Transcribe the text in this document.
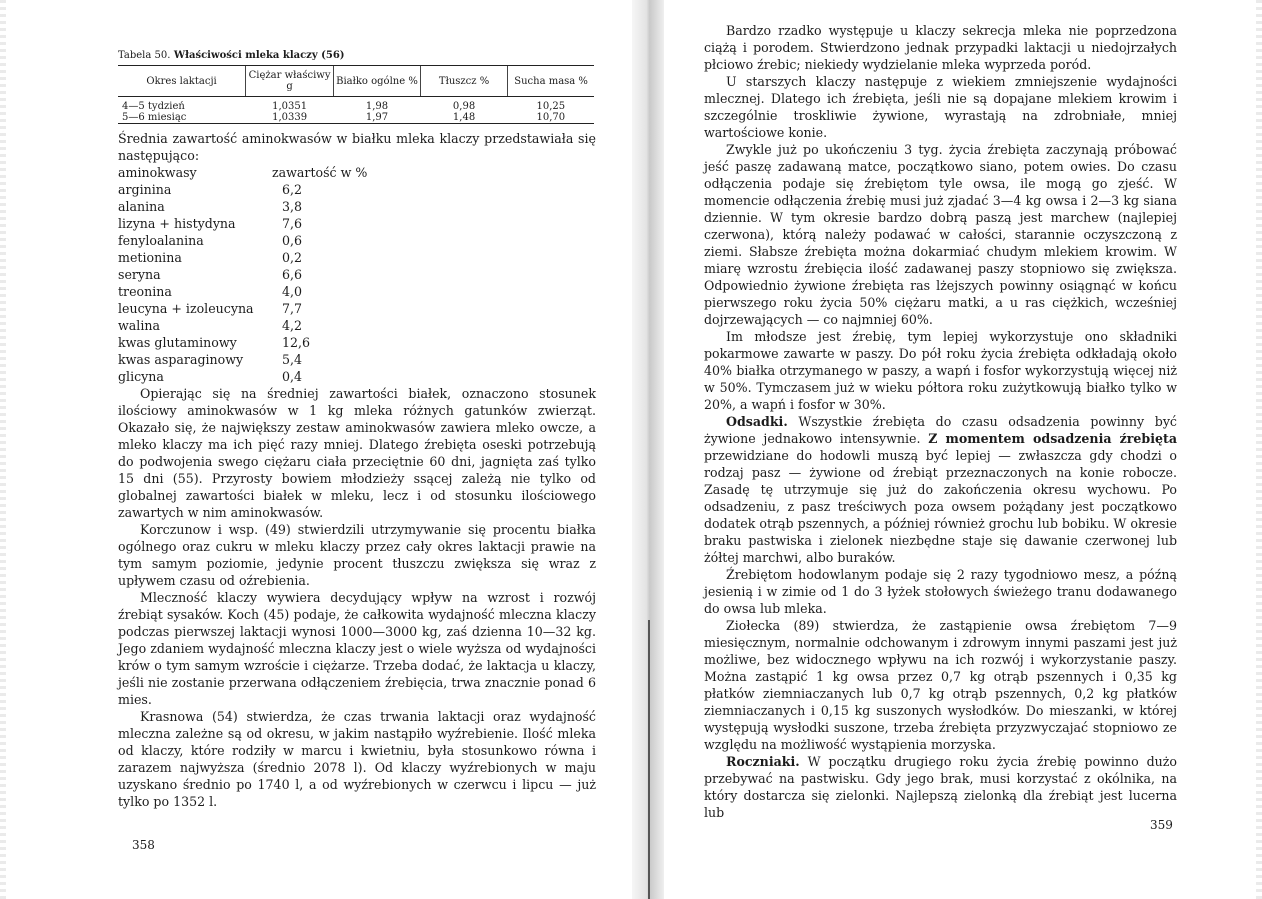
Tabela 50. Właściwości mleka klaczy (56)
Okres laktacji	Ciężar właściwy g	Białko ogólne %	Tłuszcz %	Sucha masa %
4—5 tydzień	1,0351	1,98	0,98	10,25
5—6 miesiąc	1,0339	1,97	1,48	10,70

Średnia zawartość aminokwasów w białku mleka klaczy przedstawiała się następująco:

aminokwasy	zawartość w %
arginina	6,2
alanina	3,8
lizyna + histydyna	7,6
fenyloalanina	0,6
metionina	0,2
seryna	6,6
treonina	4,0
leucyna + izoleucyna	7,7
walina	4,2
kwas glutaminowy	12,6
kwas asparaginowy	5,4
glicyna	0,4

Opierając się na średniej zawartości białek, oznaczono stosunek ilościowy aminokwasów w 1 kg mleka różnych gatunków zwierząt. Okazało się, że największy zestaw aminokwasów zawiera mleko owcze, a mleko klaczy ma ich pięć razy mniej. Dlatego źrebięta oseski potrzebują do podwojenia swego ciężaru ciała przeciętnie 60 dni, jagnięta zaś tylko 15 dni (55). Przyrosty bowiem młodzieży ssącej zależą nie tylko od globalnej zawartości białek w mleku, lecz i od stosunku ilościowego zawartych w nim aminokwasów.

Korczunow i wsp. (49) stwierdzili utrzymywanie się procentu białka ogólnego oraz cukru w mleku klaczy przez cały okres laktacji prawie na tym samym poziomie, jedynie procent tłuszczu zwiększa się wraz z upływem czasu od oźrebienia.

Mleczność klaczy wywiera decydujący wpływ na wzrost i rozwój źrebiąt sysaków. Koch (45) podaje, że całkowita wydajność mleczna klaczy podczas pierwszej laktacji wynosi 1000—3000 kg, zaś dzienna 10—32 kg. Jego zdaniem wydajność mleczna klaczy jest o wiele wyższa od wydajności krów o tym samym wzroście i ciężarze. Trzeba dodać, że laktacja u klaczy, jeśli nie zostanie przerwana odłączeniem źrebięcia, trwa znacznie ponad 6 mies.

Krasnowa (54) stwierdza, że czas trwania laktacji oraz wydajność mleczna zależne są od okresu, w jakim nastąpiło wyźrebienie. Ilość mleka od klaczy, które rodziły w marcu i kwietniu, była stosunkowo równa i zarazem najwyższa (średnio 2078 l). Od klaczy wyźrebionych w maju uzyskano średnio po 1740 l, a od wyźrebionych w czerwcu i lipcu — już tylko po 1352 l.

358

Bardzo rzadko występuje u klaczy sekrecja mleka nie poprzedzona ciążą i porodem. Stwierdzono jednak przypadki laktacji u niedojrzałych płciowo źrebic; niekiedy wydzielanie mleka wyprzeda poród.

U starszych klaczy następuje z wiekiem zmniejszenie wydajności mlecznej. Dlatego ich źrebięta, jeśli nie są dopajane mlekiem krowim i szczególnie troskliwie żywione, wyrastają na zdrobniałe, mniej wartościowe konie.

Zwykle już po ukończeniu 3 tyg. życia źrebięta zaczynają próbować jeść paszę zadawaną matce, początkowo siano, potem owies. Do czasu odłączenia podaje się źrebiętom tyle owsa, ile mogą go zjeść. W momencie odłączenia źrebię musi już zjadać 3—4 kg owsa i 2—3 kg siana dziennie. W tym okresie bardzo dobrą paszą jest marchew (najlepiej czerwona), którą należy podawać w całości, starannie oczyszczoną z ziemi. Słabsze źrebięta można dokarmiać chudym mlekiem krowim. W miarę wzrostu źrebięcia ilość zadawanej paszy stopniowo się zwiększa. Odpowiednio żywione źrebięta ras lżejszych powinny osiągnąć w końcu pierwszego roku życia 50% ciężaru matki, a u ras ciężkich, wcześniej dojrzewających — co najmniej 60%.

Im młodsze jest źrebię, tym lepiej wykorzystuje ono składniki pokarmowe zawarte w paszy. Do pół roku życia źrebięta odkładają około 40% białka otrzymanego w paszy, a wapń i fosfor wykorzystują więcej niż w 50%. Tymczasem już w wieku półtora roku zużytkowują białko tylko w 20%, a wapń i fosfor w 30%.

Odsadki. Wszystkie źrebięta do czasu odsadzenia powinny być żywione jednakowo intensywnie. Z momentem odsadzenia źrebięta przewidziane do hodowli muszą być lepiej — zwłaszcza gdy chodzi o rodzaj pasz — żywione od źrebiąt przeznaczonych na konie robocze. Zasadę tę utrzymuje się już do zakończenia okresu wychowu. Po odsadzeniu, z pasz treściwych poza owsem pożądany jest początkowo dodatek otrąb pszennych, a później również grochu lub bobiku. W okresie braku pastwiska i zielonek niezbędne staje się dawanie czerwonej lub żółtej marchwi, albo buraków.

Źrebiętom hodowlanym podaje się 2 razy tygodniowo mesz, a późną jesienią i w zimie od 1 do 3 łyżek stołowych świeżego tranu dodawanego do owsa lub mleka.

Ziołecka (89) stwierdza, że zastąpienie owsa źrebiętom 7—9 miesięcznym, normalnie odchowanym i zdrowym innymi paszami jest już możliwe, bez widocznego wpływu na ich rozwój i wykorzystanie paszy. Można zastąpić 1 kg owsa przez 0,7 kg otrąb pszennych i 0,35 kg płatków ziemniaczanych lub 0,7 kg otrąb pszennych, 0,2 kg płatków ziemniaczanych i 0,15 kg suszonych wysłodków. Do mieszanki, w której występują wysłodki suszone, trzeba źrebięta przyzwyczajać stopniowo ze względu na możliwość wystąpienia morzyska.

Roczniaki. W początku drugiego roku życia źrebię powinno dużo przebywać na pastwisku. Gdy jego brak, musi korzystać z okólnika, na który dostarcza się zielonki. Najlepszą zielonką dla źrebiąt jest lucerna lub

359
